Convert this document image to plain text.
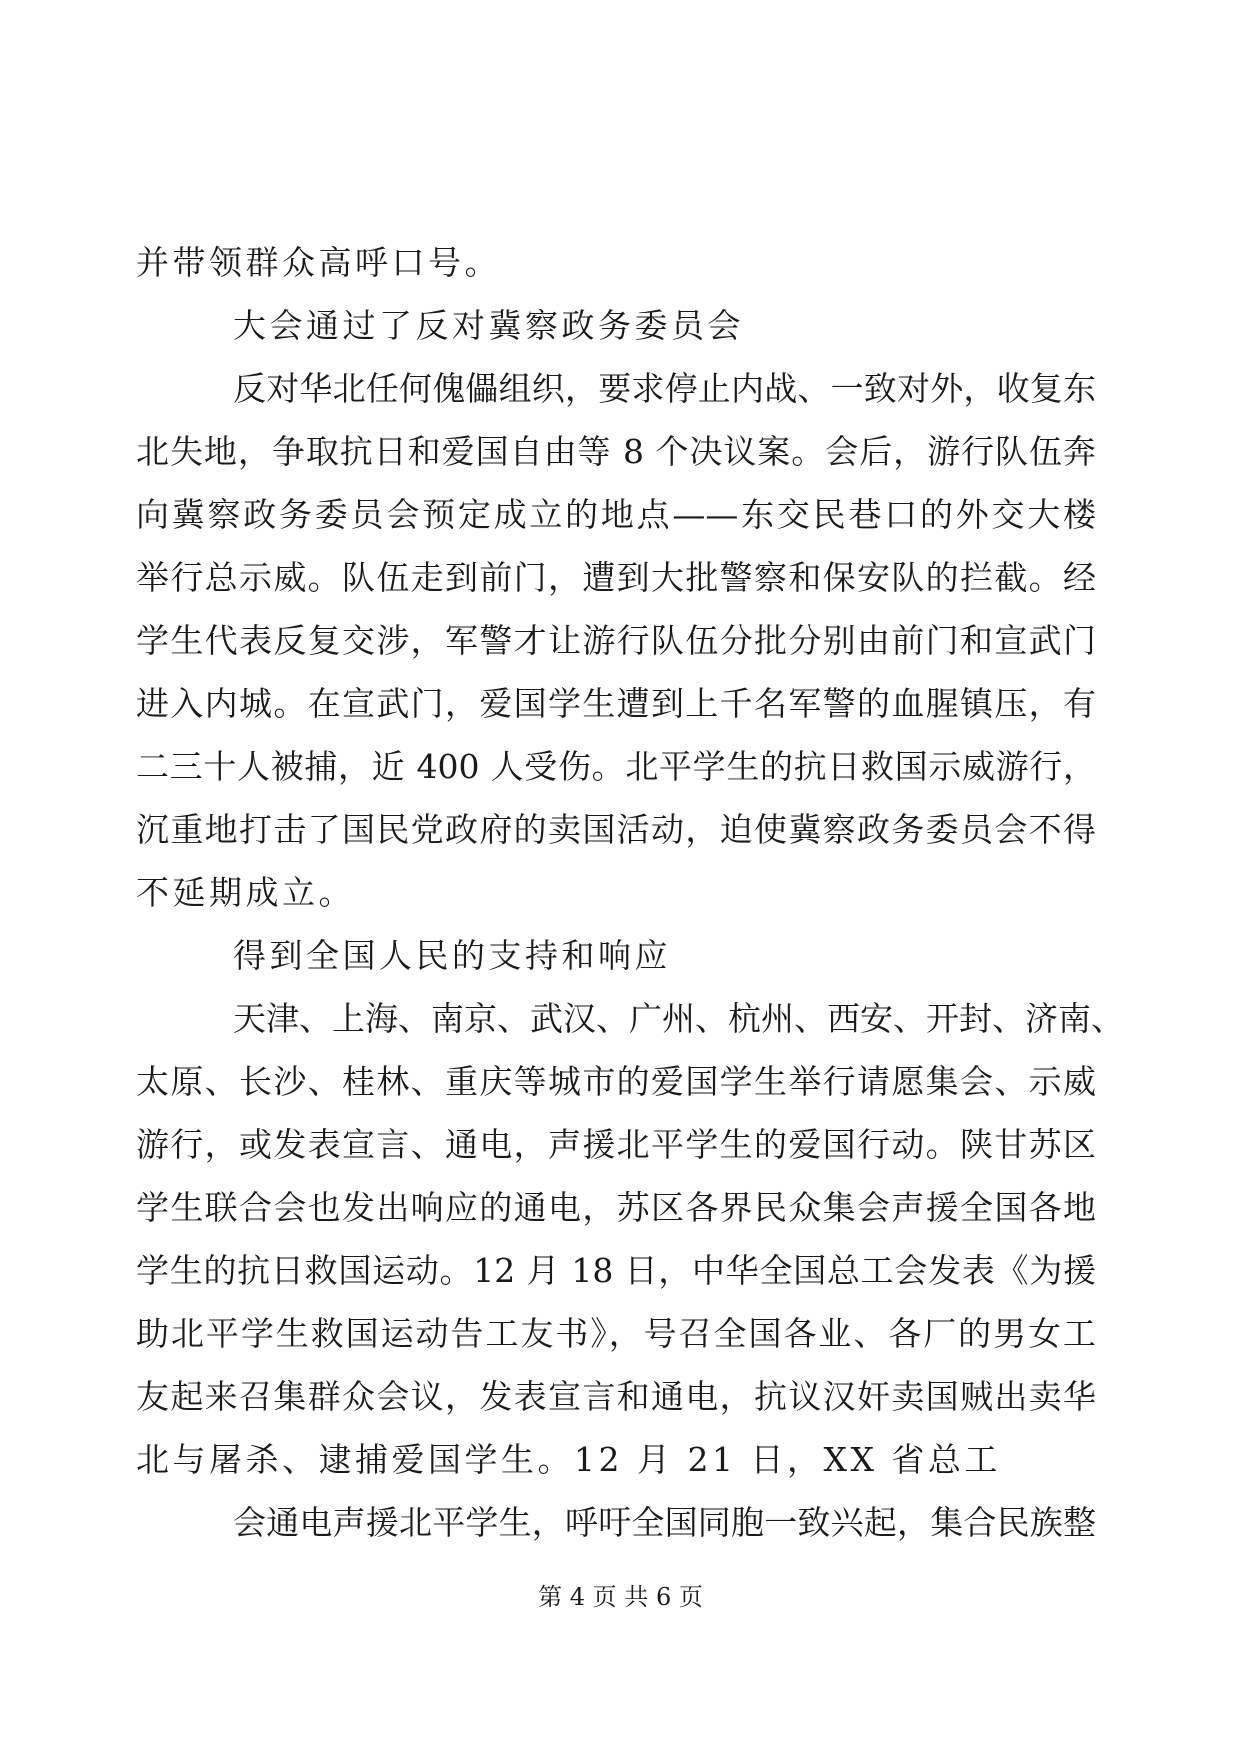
并带领群众高呼口号。
大会通过了反对冀察政务委员会
反对华北任何傀儡组织，要求停止内战、一致对外，收复东
北失地，争取抗日和爱国自由等 8 个决议案。会后，游行队伍奔
向冀察政务委员会预定成立的地点——东交民巷口的外交大楼
举行总示威。队伍走到前门，遭到大批警察和保安队的拦截。经
学生代表反复交涉，军警才让游行队伍分批分别由前门和宣武门
进入内城。在宣武门，爱国学生遭到上千名军警的血腥镇压，有
二三十人被捕，近 400 人受伤。北平学生的抗日救国示威游行，
沉重地打击了国民党政府的卖国活动，迫使冀察政务委员会不得
不延期成立。
得到全国人民的支持和响应
天津、上海、南京、武汉、广州、杭州、西安、开封、济南、
太原、长沙、桂林、重庆等城市的爱国学生举行请愿集会、示威
游行，或发表宣言、通电，声援北平学生的爱国行动。陕甘苏区
学生联合会也发出响应的通电，苏区各界民众集会声援全国各地
学生的抗日救国运动。12 月 18 日，中华全国总工会发表《为援
助北平学生救国运动告工友书》，号召全国各业、各厂的男女工
友起来召集群众会议，发表宣言和通电，抗议汉奸卖国贼出卖华
北与屠杀、逮捕爱国学生。12 月 21 日，XX 省总工
会通电声援北平学生，呼吁全国同胞一致兴起，集合民族整
第 4 页 共 6 页
